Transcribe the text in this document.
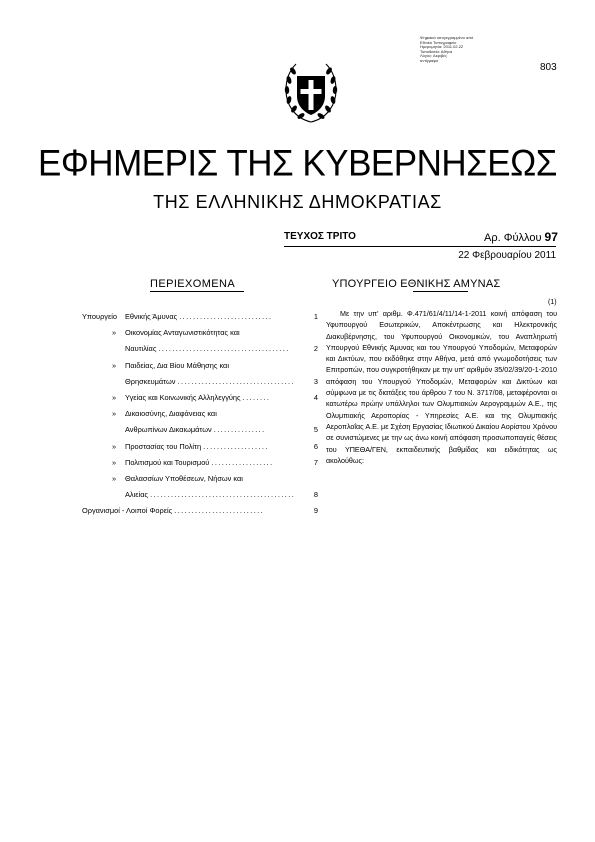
Ψηφιακά υπογεγραμμένο από
Εθνικό Τυπογραφείο
Ημερομηνία: 2011.02.22
Τοποθεσία: Αθήνα
Λόγος: Ακριβές
αντίγραφο
803
ΕΦΗΜΕΡΙΣ ΤΗΣ ΚΥΒΕΡΝΗΣΕΩΣ
ΤΗΣ ΕΛΛΗΝΙΚΗΣ ΔΗΜΟΚΡΑΤΙΑΣ
ΤΕΥΧΟΣ ΤΡΙΤΟ	Αρ. Φύλλου 97
22 Φεβρουαρίου 2011
ΠΕΡΙΕΧΟΜΕΝΑ	ΥΠΟΥΡΓΕΙΟ ΕΘΝΙΚΗΣ ΑΜΥΝΑΣ
Υπουργείο	Εθνικής Άμυνας ...........................	1
»	Οικονομίας Ανταγωνιστικότητας και
Ναυτιλίας ......................................	2
»	Παιδείας, Δια Βίου Μάθησης και
Θρησκευμάτων ..................................	3
»	Υγείας και Κοινωνικής Αλληλεγγύης ........	4
»	Δικαιοσύνης, Διαφάνειας και
Ανθρωπίνων Δικαιωμάτων ...............	5
»	Προστασίας του Πολίτη ...................	6
»	Πολιτισμού και Τουρισμού ..................	7
»	Θαλασσίων Υποθέσεων, Νήσων και
Αλιείας ..........................................	8
Οργανισμοί - Λοιποί Φορείς ..........................	9
(1)
Με την υπ' αριθμ. Φ.471/61/4/11/14-1-2011 κοινή απόφαση του Υφυπουργού Εσωτερικών, Αποκέντρωσης και Ηλεκτρονικής Διακυβέρνησης, του Υφυπουργού Οικονομικών, του Αναπληρωτή Υπουργού Εθνικής Άμυνας και του Υπουργού Υποδομών, Μεταφορών και Δικτύων, που εκδόθηκε στην Αθήνα, μετά από γνωμοδοτήσεις των Επιτροπών, που συγκροτήθηκαν με την υπ' αριθμόν 35/02/39/20-1-2010 απόφαση του Υπουργού Υποδομών, Μεταφορών και Δικτύων και σύμφωνα με τις διατάξεις του άρθρου 7 του Ν. 3717/08, μεταφέρονται οι κατωτέρω πρώην υπάλληλοι των Ολυμπιακών Αερογραμμών Α.Ε., της Ολυμπιακής Αεροπορίας - Υπηρεσίες Α.Ε. και της Ολυμπιακής Αεροπλοΐας Α.Ε. με Σχέση Εργασίας Ιδιωτικού Δικαίου Αορίστου Χρόνου σε συνιστώμενες με την ως άνω κοινή απόφαση προσωποπαγείς θέσεις του ΥΠΕΘΑ/ΓΕΝ, εκπαιδευτικής βαθμίδας και ειδικότητας ως ακολούθως:
